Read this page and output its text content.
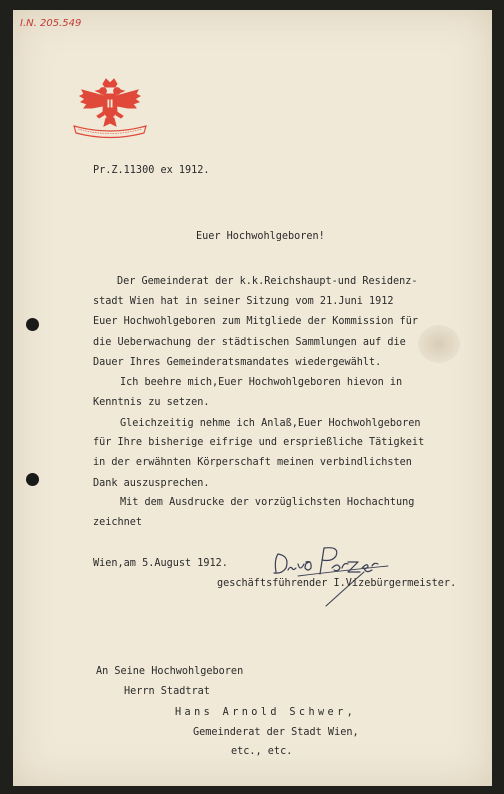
I.N. 205.549
Pr.Z.11300 ex 1912.
Euer Hochwohlgeboren!
Der Gemeinderat der k.k.Reichshaupt-und Residenz-
stadt Wien hat in seiner Sitzung vom 21.Juni 1912
Euer Hochwohlgeboren zum Mitgliede der Kommission für
die Ueberwachung der städtischen Sammlungen auf die
Dauer Ihres Gemeinderatsmandates wiedergewählt.
Ich beehre mich,Euer Hochwohlgeboren hievon in
Kenntnis zu setzen.
Gleichzeitig nehme ich Anlaß,Euer Hochwohlgeboren
für Ihre bisherige eifrige und ersprießliche Tätigkeit
in der erwähnten Körperschaft meinen verbindlichsten
Dank auszusprechen.
Mit dem Ausdrucke der vorzüglichsten Hochachtung
zeichnet
Wien,am 5.August 1912.
geschäftsführender I.Vizebürgermeister.
An Seine Hochwohlgeboren
Herrn Stadtrat
Hans Arnold Schwer,
Gemeinderat der Stadt Wien,
etc., etc.
